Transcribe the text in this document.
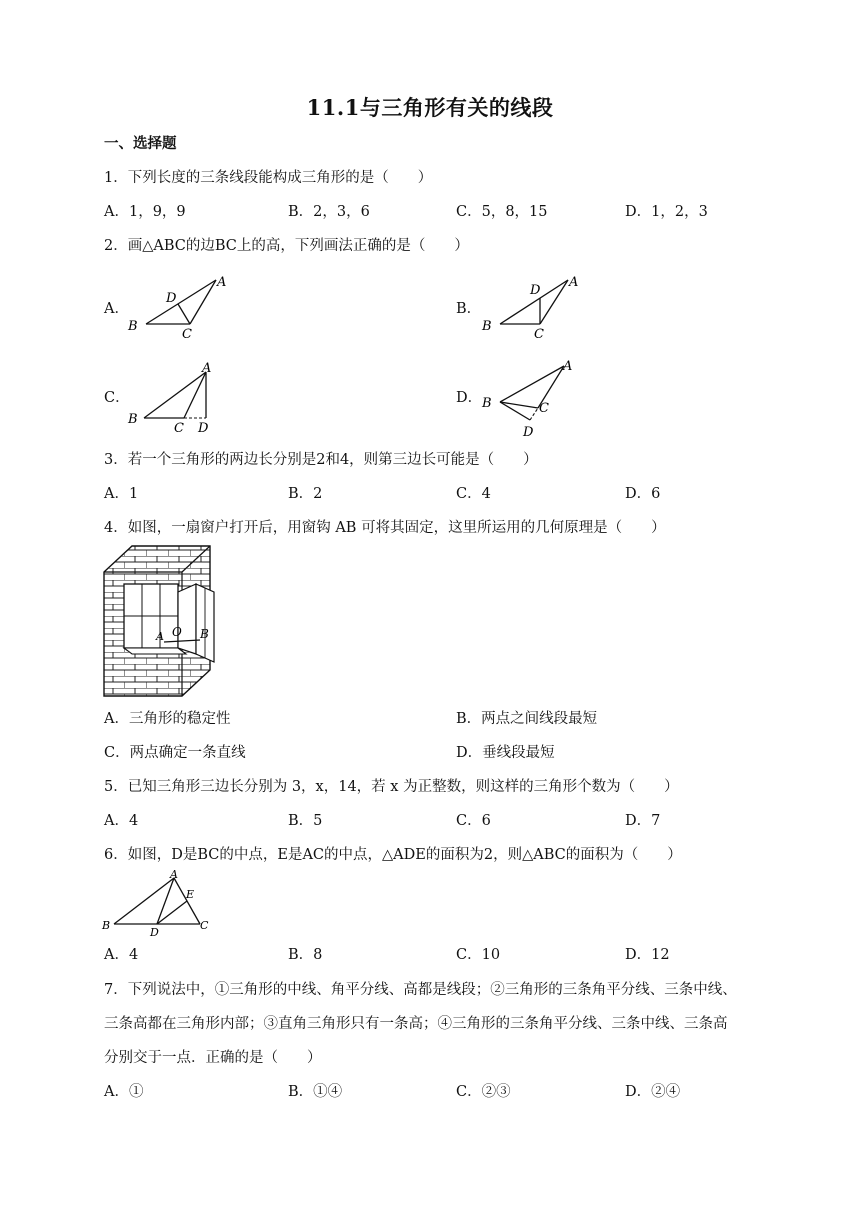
11.1与三角形有关的线段
一、选择题
1．下列长度的三条线段能构成三角形的是（　　）
A．1，9，9	B．2，3，6	C．5，8，15	D．1，2，3
2．画△ABC的边BC上的高，下列画法正确的是（　　）
A．
A
B
C
D
B．
A
B
C
D
C．
A
B
C D
D．
A
B	C
D
3．若一个三角形的两边长分别是2和4，则第三边长可能是（　　）
A．1	B．2	C．4	D．6
4．如图，一扇窗户打开后，用窗钩 AB 可将其固定，这里所运用的几何原理是（　　）
O
A	B
A．三角形的稳定性	B．两点之间线段最短
C．两点确定一条直线	D．垂线段最短
5．已知三角形三边长分别为 3，x，14，若 x 为正整数，则这样的三角形个数为（　　）
A．4	B．5	C．6	D．7
6．如图，D是BC的中点，E是AC的中点，△ADE的面积为2，则△ABC的面积为（　　）
A
B	C
D
E
A．4	B．8	C．10	D．12
7．下列说法中，①三角形的中线、角平分线、高都是线段；②三角形的三条角平分线、三条中线、
三条高都在三角形内部；③直角三角形只有一条高；④三角形的三条角平分线、三条中线、三条高
分别交于一点．正确的是（　　）
A．①	B．①④	C．②③	D．②④
